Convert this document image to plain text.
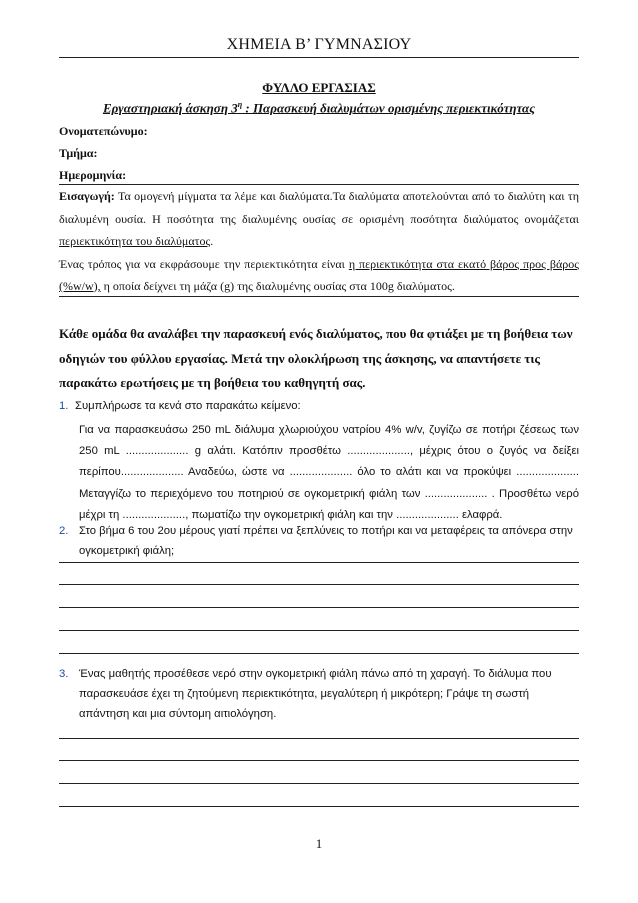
ΧΗΜΕΙΑ Β’ ΓΥΜΝΑΣΙΟΥ
ΦΥΛΛΟ ΕΡΓΑΣΙΑΣ
Εργαστηριακή άσκηση $3^\eta$ : Παρασκευή διαλυμάτων ορισμένης περιεκτικότητας
Ονοματεπώνυμο:
Τμήμα:
Ημερομηνία:
Εισαγωγή: Τα ομογενή μίγματα τα λέμε και διαλύματα.Τα διαλύματα αποτελούνται από το διαλύτη και τη διαλυμένη ουσία. Η ποσότητα της διαλυμένης ουσίας σε ορισμένη ποσότητα διαλύματος ονομάζεται περιεκτικότητα του διαλύματος.
Ένας τρόπος για να εκφράσουμε την περιεκτικότητα είναι η περιεκτικότητα στα εκατό βάρος προς βάρος (%w/w), η οποία δείχνει τη μάζα (g) της διαλυμένης ουσίας στα 100g διαλύματος.
Κάθε ομάδα θα αναλάβει την παρασκευή ενός διαλύματος, που θα φτιάξει με τη βοήθεια των οδηγιών του φύλλου εργασίας. Μετά την ολοκλήρωση της άσκησης, να απαντήσετε τις παρακάτω ερωτήσεις με τη βοήθεια του καθηγητή σας.
1. Συμπλήρωσε τα κενά στο παρακάτω κείμενο:
Για να παρασκευάσω 250 mL διάλυμα χλωριούχου νατρίου 4% w/v, ζυγίζω σε ποτήρι ζέσεως των 250 mL .................... g αλάτι. Κατόπιν προσθέτω ...................., μέχρις ότου ο ζυγός να δείξει περίπου.................... Αναδεύω, ώστε να .................... όλο το αλάτι και να προκύψει .................... Μεταγγίζω το περιεχόμενο του ποτηριού σε ογκομετρική φιάλη των .................... . Προσθέτω νερό μέχρι τη ...................., πωματίζω την ογκομετρική φιάλη και την .................... ελαφρά.
2. Στο βήμα 6 του 2ου μέρους γιατί πρέπει να ξεπλύνεις το ποτήρι και να μεταφέρεις τα απόνερα στην ογκομετρική φιάλη;
3. Ένας μαθητής προσέθεσε νερό στην ογκομετρική φιάλη πάνω από τη χαραγή. Το διάλυμα που παρασκευάσε έχει τη ζητούμενη περιεκτικότητα, μεγαλύτερη ή μικρότερη; Γράψε τη σωστή απάντηση και μια σύντομη αιτιολόγηση.
1
